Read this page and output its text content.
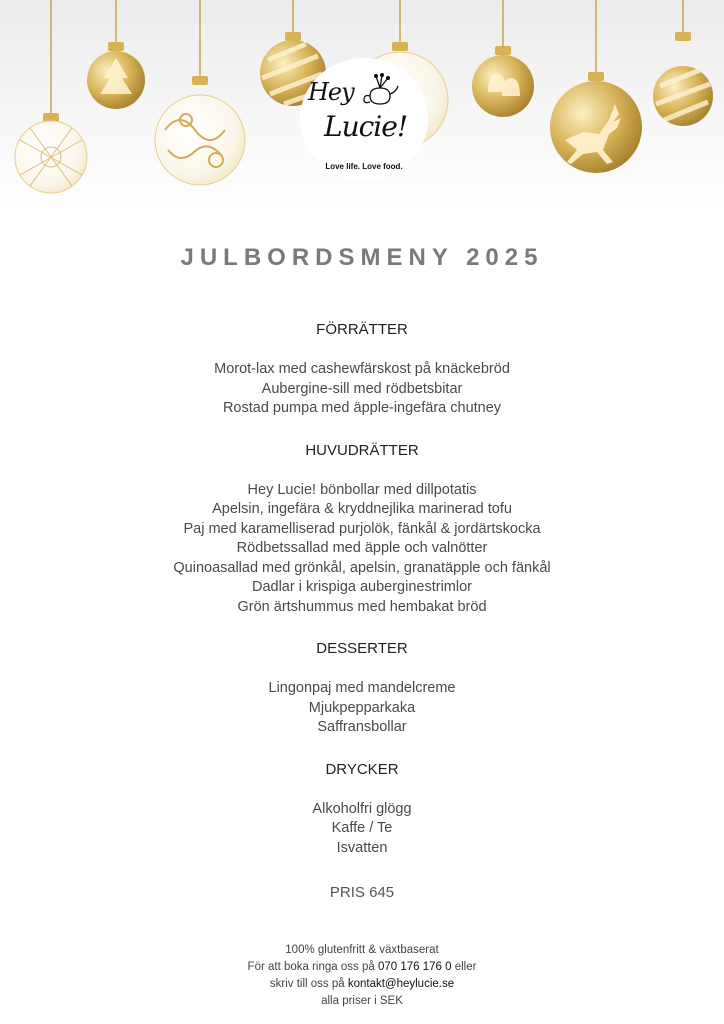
Hey
Lucie!
Love life. Love food.
JULBORDSMENY 2025
FÖRRÄTTER
Morot-lax med cashewfärskost på knäckebröd
Aubergine-sill med rödbetsbitar
Rostad pumpa med äpple-ingefära chutney
HUVUDRÄTTER
Hey Lucie! bönbollar med dillpotatis
Apelsin, ingefära & kryddnejlika marinerad tofu
Paj med karamelliserad purjolök, fänkål & jordärtskocka
Rödbetssallad med äpple och valnötter
Quinoasallad med grönkål, apelsin, granatäpple och fänkål
Dadlar i krispiga auberginestrimlor
Grön ärtshummus med hembakat bröd
DESSERTER
Lingonpaj med mandelcreme
Mjukpepparkaka
Saffransbollar
DRYCKER
Alkoholfri glögg
Kaffe / Te
Isvatten
PRIS 645
100% glutenfritt & växtbaserat
För att boka ringa oss på 070 176 176 0 eller
skriv till oss på kontakt@heylucie.se
alla priser i SEK
